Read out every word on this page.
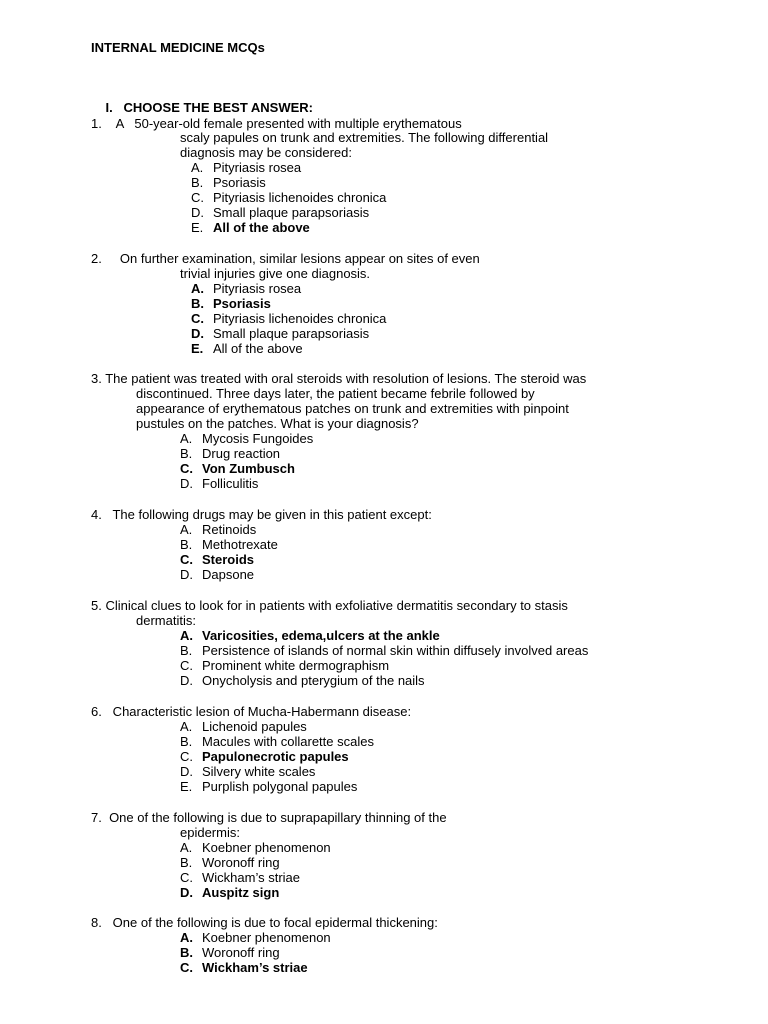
INTERNAL MEDICINE MCQs

I. CHOOSE THE BEST ANSWER:

1.    A   50-year-old female presented with multiple erythematous
scaly papules on trunk and extremities. The following differential
diagnosis may be considered:
A. Pityriasis rosea
B. Psoriasis
C. Pityriasis lichenoides chronica
D. Small plaque parapsoriasis
E. All of the above
2.     On further examination, similar lesions appear on sites of even
trivial injuries give one diagnosis.
A. Pityriasis rosea
B. Psoriasis
C. Pityriasis lichenoides chronica
D. Small plaque parapsoriasis
E. All of the above
3. The patient was treated with oral steroids with resolution of lesions. The steroid was
discontinued. Three days later, the patient became febrile followed by
appearance of erythematous patches on trunk and extremities with pinpoint
pustules on the patches. What is your diagnosis?
A. Mycosis Fungoides
B. Drug reaction
C. Von Zumbusch
D. Folliculitis
4.   The following drugs may be given in this patient except:
A. Retinoids
B. Methotrexate
C. Steroids
D. Dapsone
5. Clinical clues to look for in patients with exfoliative dermatitis secondary to stasis
dermatitis:
A. Varicosities, edema,ulcers at the ankle
B. Persistence of islands of normal skin within diffusely involved areas
C. Prominent white dermographism
D. Onycholysis and pterygium of the nails
6.   Characteristic lesion of Mucha-Habermann disease:
A. Lichenoid papules
B. Macules with collarette scales
C. Papulonecrotic papules
D. Silvery white scales
E. Purplish polygonal papules
7.  One of the following is due to suprapapillary thinning of the
epidermis:
A. Koebner phenomenon
B. Woronoff ring
C. Wickham’s striae
D. Auspitz sign
8.   One of the following is due to focal epidermal thickening:
A. Koebner phenomenon
B. Woronoff ring
C. Wickham’s striae
